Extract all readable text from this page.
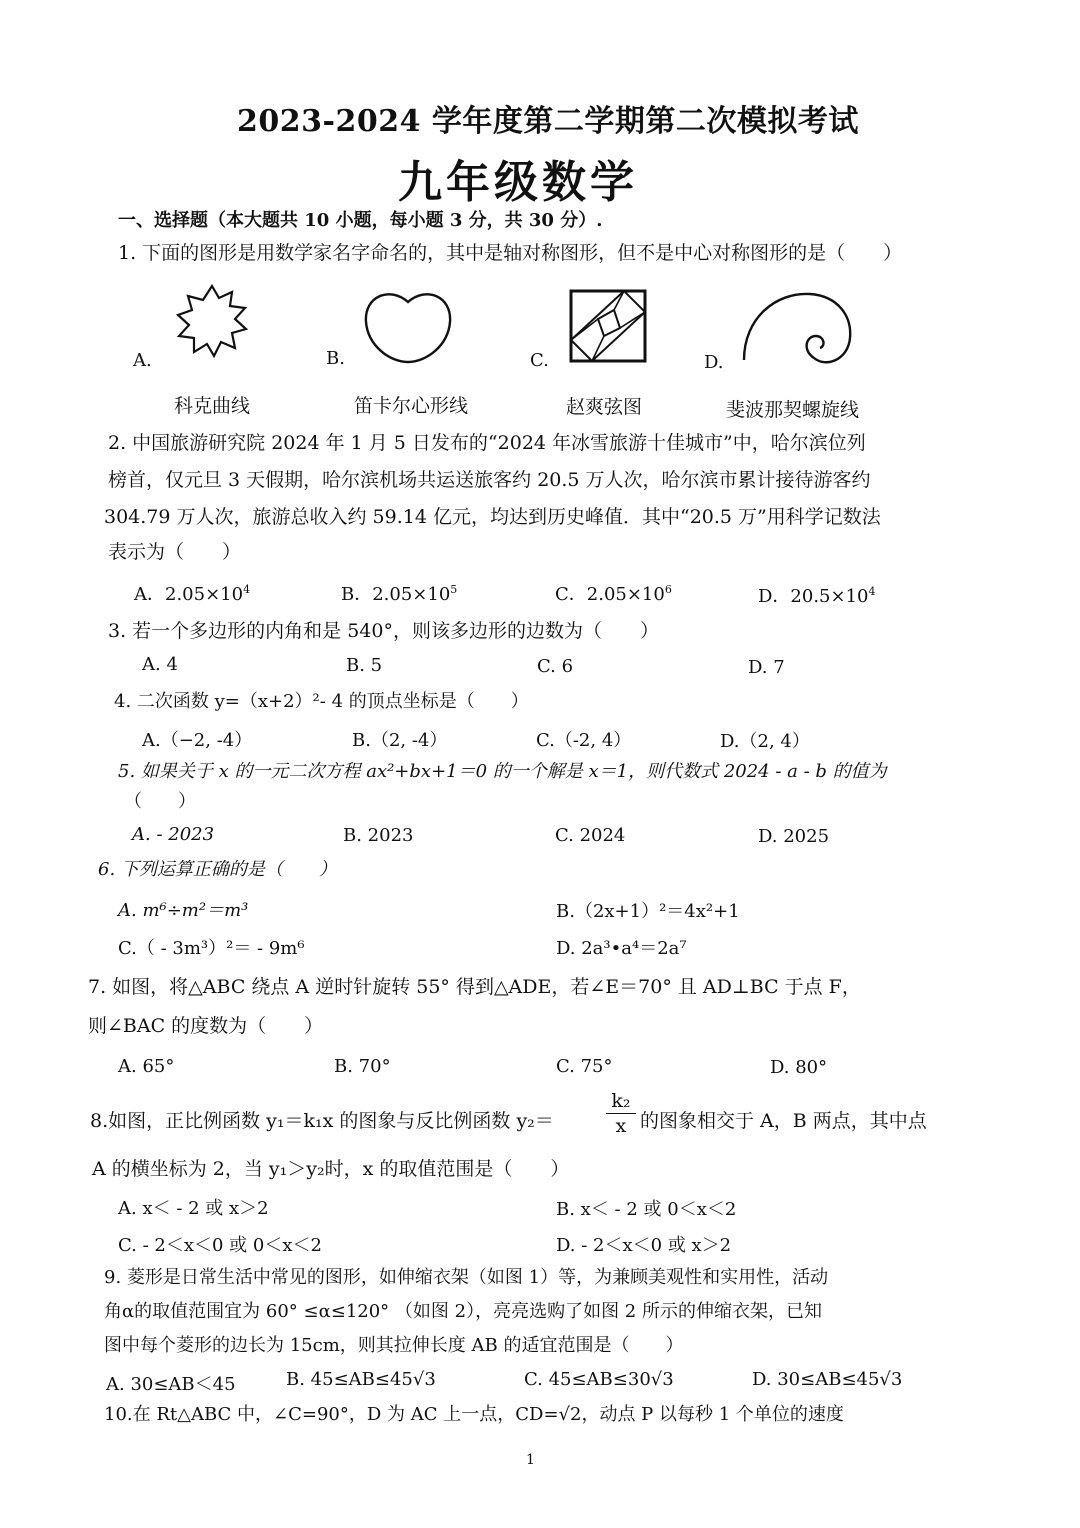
2023-2024 学年度第二学期第二次模拟考试
九年级数学
一、选择题（本大题共 10 小题，每小题 3 分，共 30 分）.
1. 下面的图形是用数学家名字命名的，其中是轴对称图形，但不是中心对称图形的是（　　）
A.
科克曲线
B.
笛卡尔心形线
C.
赵爽弦图
D.
斐波那契螺旋线
2. 中国旅游研究院 2024 年 1 月 5 日发布的“2024 年冰雪旅游十佳城市”中，哈尔滨位列
榜首，仅元旦 3 天假期，哈尔滨机场共运送旅客约 20.5 万人次，哈尔滨市累计接待游客约
304.79 万人次，旅游总收入约 59.14 亿元，均达到历史峰值．其中“20.5 万”用科学记数法
表示为（　　）
A．$2.05\times 10^4$	B．$2.05\times 10^5$	C．$2.05\times 10^6$	D．$20.5\times 10^4$
3. 若一个多边形的内角和是 540°，则该多边形的边数为（　　）
A. 4	B. 5	C. 6	D. 7
4. 二次函数 y=（x+2）²- 4 的顶点坐标是（　　）
A.（−2, -4）	B.（2, -4）	C.（-2, 4）	D.（2, 4）
5. 如果关于 x 的一元二次方程 ax²+bx+1＝0 的一个解是 x＝1，则代数式 2024 - a - b 的值为
（　　）
A. - 2023	B. 2023	C. 2024	D. 2025
6. 下列运算正确的是（　　）
A. m⁶÷m²＝m³	B.（2x+1）²＝4x²+1
C.（ - 3m³）²＝ - 9m⁶	D. 2a³•a⁴＝2a⁷
7. 如图，将△ABC 绕点 A 逆时针旋转 55° 得到△ADE，若∠E＝70° 且 AD⊥BC 于点 F，
则∠BAC 的度数为（　　）
A. 65°	B. 70°	C. 75°	D. 80°
8.如图，正比例函数 y₁＝k₁x 的图象与反比例函数 y₂＝
k₂
x 的图象相交于 A，B 两点，其中点
A 的横坐标为 2，当 y₁＞y₂时，x 的取值范围是（　　）
A. x＜ - 2 或 x＞2	B. x＜ - 2 或 0＜x＜2
C. - 2＜x＜0 或 0＜x＜2	D. - 2＜x＜0 或 x＞2
9. 菱形是日常生活中常见的图形，如伸缩衣架（如图 1）等，为兼顾美观性和实用性，活动
角α的取值范围宜为 60° ≤α≤120° （如图 2），亮亮选购了如图 2 所示的伸缩衣架，已知
图中每个菱形的边长为 15cm，则其拉伸长度 AB 的适宜范围是（　　）
A. 30≤AB＜45	B. 45≤AB≤45√3	C. 45≤AB≤30√3	D. 30≤AB≤45√3
10.在 Rt△ABC 中，∠C=90°，D 为 AC 上一点，CD=√2，动点 P 以每秒 1 个单位的速度
1
